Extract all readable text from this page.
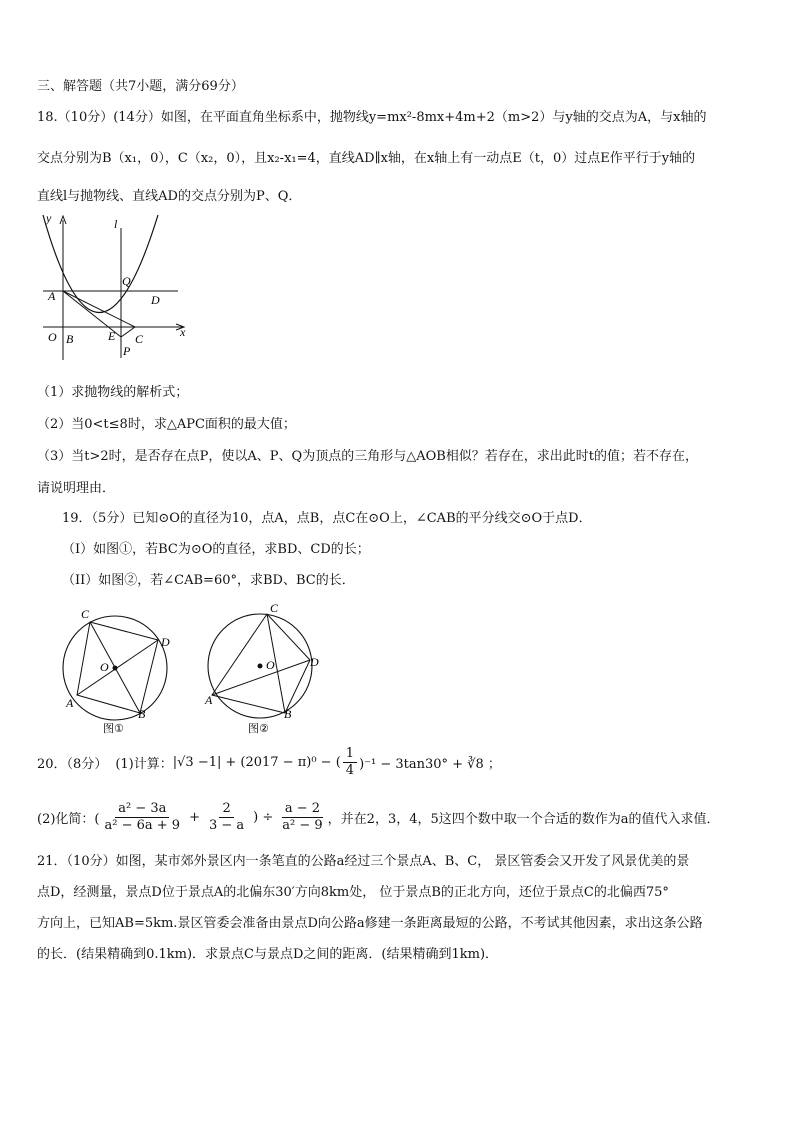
三、解答题（共7小题，满分69分）
18.（10分）(14分）如图，在平面直角坐标系中，抛物线y=mx²-8mx+4m+2（m>2）与y轴的交点为A，与x轴的
交点分别为B（x₁，0），C（x₂，0），且x₂-x₁=4，直线AD∥x轴，在x轴上有一动点E（t，0）过点E作平行于y轴的
直线l与抛物线、直线AD的交点分别为P、Q．
y	l
x
A
O B
Q
D
E C
P
（1）求抛物线的解析式；
（2）当0<t≤8时，求△APC面积的最大值；
（3）当t>2时，是否存在点P，使以A、P、Q为顶点的三角形与△AOB相似？若存在，求出此时t的值；若不存在，
请说明理由．
19．（5分）已知⊙O的直径为10，点A，点B，点C在⊙O上，∠CAB的平分线交⊙O于点D．
（I）如图①，若BC为⊙O的直径，求BD、CD的长；
（II）如图②，若∠CAB=60°，求BD、BC的长．
C
D
O
A
B
图①
C
D
O
A
B
图②
20．（8分） (1)计算： |√3 −1| + (2017 − π)⁰ − ( $\frac{1}{4} )^{-1} - 3\tan 30^\circ$ + ∛8 ；
(2)化简：( $\frac{\text{a² − 3a}}{\text{a² − 6a + 9}} + \frac{2}{3 - a}$ ) ÷ $\frac{a - 2}{\text{a² − 9}}$ ，并在2，3，4，5这四个数中取一个合适的数作为a的值代入求值．
21．（10分）如图，某市郊外景区内一条笔直的公路a经过三个景点A、B、C， 景区管委会又开发了风景优美的景
点D，经测量，景点D位于景点A的北偏东30′方向8km处， 位于景点B的正北方向，还位于景点C的北偏西75°
方向上，已知AB=5km.景区管委会准备由景点D向公路a修建一条距离最短的公路，不考试其他因素，求出这条公路
的长．(结果精确到0.1km)．求景点C与景点D之间的距离．(结果精确到1km)．
